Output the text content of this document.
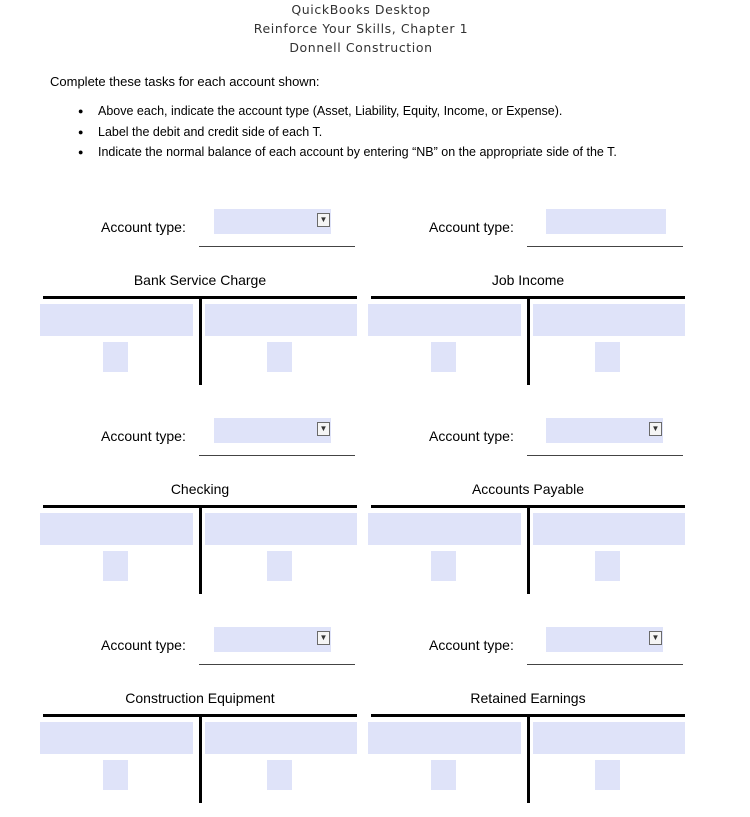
QuickBooks Desktop
Reinforce Your Skills, Chapter 1
Donnell Construction
Complete these tasks for each account shown:
● Above each, indicate the account type (Asset, Liability, Equity, Income, or Expense).
● Label the debit and credit side of each T.
● Indicate the normal balance of each account by entering “NB” on the appropriate side of the T.
Account type:	▼
Bank Service Charge
Account type:
Job Income
Account type:	▼
Checking
Account type:	▼
Accounts Payable
Account type:	▼
Construction Equipment
Account type:	▼
Retained Earnings
